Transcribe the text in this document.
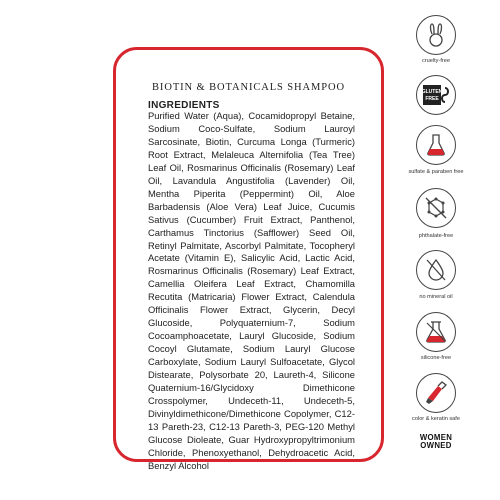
BIOTIN & BOTANICALS SHAMPOO
INGREDIENTS
Purified Water (Aqua), Cocamidopropyl Betaine, Sodium Coco-Sulfate, Sodium Lauroyl Sarcosinate, Biotin, Curcuma Longa (Turmeric) Root Extract, Melaleuca Alternifolia (Tea Tree) Leaf Oil, Rosmarinus Officinalis (Rosemary) Leaf Oil, Lavandula Angustifolia (Lavender) Oil, Mentha Piperita (Peppermint) Oil, Aloe Barbadensis (Aloe Vera) Leaf Juice, Cucumis Sativus (Cucumber) Fruit Extract, Panthenol, Carthamus Tinctorius (Safflower) Seed Oil, Retinyl Palmitate, Ascorbyl Palmitate, Tocopheryl Acetate (Vitamin E), Salicylic Acid, Lactic Acid, Rosmarinus Officinalis (Rosemary) Leaf Extract, Camellia Oleifera Leaf Extract, Chamomilla Recutita (Matricaria) Flower Extract, Calendula Officinalis Flower Extract, Glycerin, Decyl Glucoside, Polyquaternium-7, Sodium Cocoamphoacetate, Lauryl Glucoside, Sodium Cocoyl Glutamate, Sodium Lauryl Glucose Carboxylate, Sodium Lauryl Sulfoacetate, Glycol Distearate, Polysorbate 20, Laureth-4, Silicone Quaternium-16/Glycidoxy Dimethicone Crosspolymer, Undeceth-11, Undeceth-5, Divinyldimethicone/Dimethicone Copolymer, C12-13 Pareth-23, C12-13 Pareth-3, PEG-120 Methyl Glucose Dioleate, Guar Hydroxypropyltrimonium Chloride, Phenoxyethanol, Dehydroacetic Acid, Benzyl Alcohol
cruelty-free
GLUTEN
FREE
sulfate & paraben free
phthalate-free
no mineral oil
silicone-free
color & keratin safe
WOMEN OWNED
